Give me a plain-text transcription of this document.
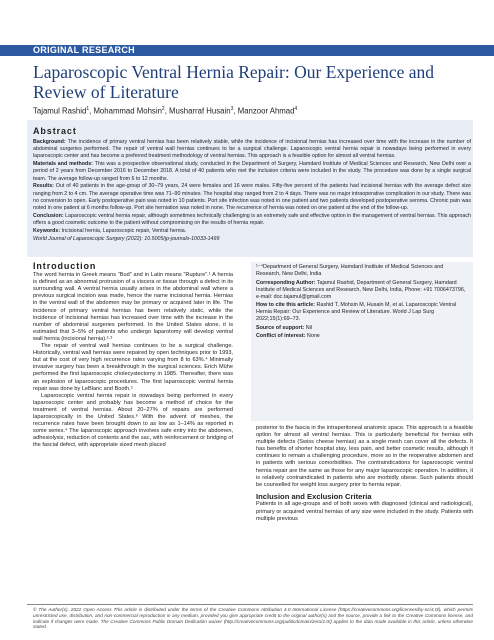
ORIGINAL RESEARCH
Laparoscopic Ventral Hernia Repair: Our Experience and Review of Literature
Tajamul Rashid$^1$, Mohammad Mohsin$^2$, Musharraf Husain$^3$, Manzoor Ahmad$^4$
Abstract

Background: The incidence of primary ventral hernias has been relatively stable, while the incidence of incisional hernias has increased over time with the increase in the number of abdominal surgeries performed. The repair of ventral wall hernias continues to be a surgical challenge. Laparoscopic ventral hernia repair is nowadays being performed in every laparoscopic center and has become a preferred treatment methodology of ventral hernias. This approach is a feasible option for almost all ventral hernias.

Materials and methods: This was a prospective observational study, conducted in the Department of Surgery, Hamdard Institute of Medical Sciences and Research, New Delhi over a period of 2 years from December 2016 to December 2018. A total of 40 patients who met the inclusion criteria were included in the study. The procedure was done by a single surgical team. The average follow-up ranged from 6 to 12 months.

Results: Out of 40 patients in the age-group of 30–79 years, 24 were females and 16 were males. Fifty-five percent of the patients had incisional hernias with the average defect size ranging from 2 to 4 cm. The average operative time was 71–90 minutes. The hospital stay ranged from 2 to 4 days. There was no major intraoperative complication in our study. There was no conversion to open. Early postoperative pain was noted in 10 patients. Port site infection was noted in one patient and two patients developed postoperative seroma. Chronic pain was noted in one patient at 6 months follow-up. Port site herniation was noted in none. The recurrence of hernia was noted on one patient at the end of the follow-up.

Conclusion: Laparoscopic ventral hernia repair, although sometimes technically challenging is an extremely safe and effective option in the management of ventral hernias. This approach offers a good cosmetic outcome to the patient without compromising on the results of hernia repair.

Keywords: Incisional hernia, Laparoscopic repair, Ventral hernia.

World Journal of Laparoscopic Surgery (2022): 10.5005/jp-journals-10033-1499

Introduction

The word hernia in Greek means “Bud” and in Latin means “Rupture”.¹ A hernia is defined as an abnormal protrusion of a viscera or tissue through a defect in its surrounding wall. A ventral hernia usually arises in the abdominal wall where a previous surgical incision was made, hence the name incisional hernia. Hernias in the ventral wall of the abdomen may be primary or acquired later in life. The incidence of primary ventral hernias has been relatively static, while the incidence of incisional hernias has increased over time with the increase in the number of abdominal surgeries performed. In the United States alone, it is estimated that 3–5% of patients who undergo laparotomy will develop ventral wall hernia (incisional hernia).²·³

The repair of ventral wall hernias continues to be a surgical challenge. Historically, ventral wall hernias were repaired by open techniques prior to 1993, but at the cost of very high recurrence rates varying from 8 to 63%.⁴ Minimally invasive surgery has been a breakthrough in the surgical sciences. Erich Mühe performed the first laparoscopic cholecystectomy in 1985. Thereafter, there was an explosion of laparoscopic procedures. The first laparoscopic ventral hernia repair was done by LeBlanc and Booth.⁵

Laparoscopic ventral hernia repair is nowadays being performed in every laparoscopic center and probably has become a method of choice for the treatment of ventral hernias. About 20–27% of repairs are performed laparoscopically in the United States.⁶ With the advent of meshes, the recurrence rates have been brought down to as low as 1–14% as reported in some series.⁴ The laparoscopic approach involves safe entry into the abdomen, adhesiolysis, reduction of contents and the sac, with reinforcement or bridging of the fascial defect, with appropriate sized mesh placed

¹⁻⁴Department of General Surgery, Hamdard Institute of Medical Sciences and Research, New Delhi, India

Corresponding Author: Tajamul Rashid, Department of General Surgery, Hamdard Institute of Medical Sciences and Research, New Delhi, India, Phone: +91 7006473796, e-mail: doc.tajamul@gmail.com

How to cite this article: Rashid T, Mohsin M, Husain M, et al. Laparoscopic Ventral Hernia Repair: Our Experience and Review of Literature. World J Lap Surg 2022;15(1):69–73.

Source of support: Nil

Conflict of interest: None

posterior to the fascia in the intraperitoneal anatomic space. This approach is a feasible option for almost all ventral hernias. This is particularly beneficial for hernias with multiple defects (Swiss cheese hernias) as a single mesh can cover all the defects. It has benefits of shorter hospital stay, less pain, and better cosmetic results, although it continues to remain a challenging procedure, more so in the reoperative abdomen and in patients with serious comorbidities. The contraindications for laparoscopic ventral hernia repair are the same as those for any major laparoscopic operation. In addition, it is relatively contraindicated in patients who are morbidly obese. Such patients should be counselled for weight loss surgery prior to hernia repair.

Inclusion and Exclusion Criteria

Patients in all age-groups and of both sexes with diagnosed (clinical and radiological), primary or acquired ventral hernias of any size were included in the study. Patients with multiple previous

© The Author(s). 2022 Open Access This article is distributed under the terms of the Creative Commons Attribution 4.0 International License (https://creativecommons.org/licenses/by-nc/4.0/), which permits unrestricted use, distribution, and non-commercial reproduction in any medium, provided you give appropriate credit to the original author(s) and the source, provide a link to the Creative Commons license, and indicate if changes were made. The Creative Commons Public Domain Dedication waiver (http://creativecommons.org/publicdomain/zero/1.0/) applies to the data made available in this article, unless otherwise stated.
